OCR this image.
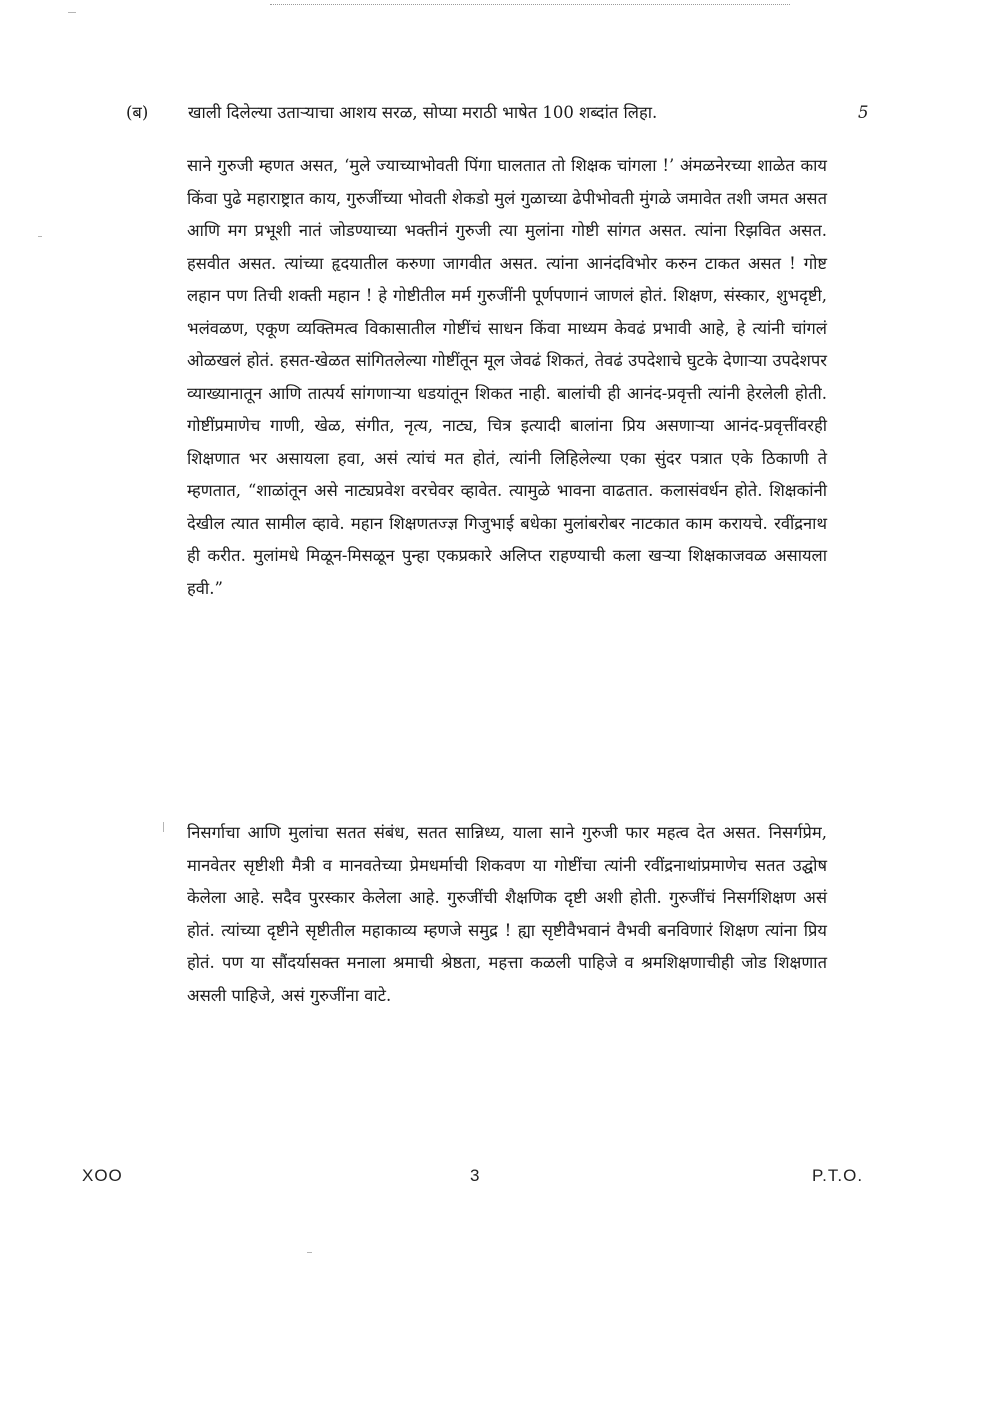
(ब) खाली दिलेल्या उताऱ्याचा आशय सरळ, सोप्या मराठी भाषेत 100 शब्दांत लिहा.	5

साने गुरुजी म्हणत असत, ‘मुले ज्याच्याभोवती पिंगा घालतात तो शिक्षक चांगला !’ अंमळनेरच्या शाळेत काय किंवा पुढे महाराष्ट्रात काय, गुरुजींच्या भोवती शेकडो मुलं गुळाच्या ढेपीभोवती मुंगळे जमावेत तशी जमत असत आणि मग प्रभूशी नातं जोडण्याच्या भक्तीनं गुरुजी त्या मुलांना गोष्टी सांगत असत. त्यांना रिझवित असत. हसवीत असत. त्यांच्या हृदयातील करुणा जागवीत असत. त्यांना आनंदविभोर करुन टाकत असत ! गोष्ट लहान पण तिची शक्ती महान ! हे गोष्टीतील मर्म गुरुजींनी पूर्णपणानं जाणलं होतं. शिक्षण, संस्कार, शुभदृष्टी, भलंवळण, एकूण व्यक्तिमत्व विकासातील गोष्टींचं साधन किंवा माध्यम केवढं प्रभावी आहे, हे त्यांनी चांगलं ओळखलं होतं. हसत-खेळत सांगितलेल्या गोष्टींतून मूल जेवढं शिकतं, तेवढं उपदेशाचे घुटके देणाऱ्या उपदेशपर व्याख्यानातून आणि तात्पर्य सांगणाऱ्या धडयांतून शिकत नाही. बालांची ही आनंद-प्रवृत्ती त्यांनी हेरलेली होती. गोष्टींप्रमाणेच गाणी, खेळ, संगीत, नृत्य, नाट्य, चित्र इत्यादी बालांना प्रिय असणाऱ्या आनंद-प्रवृत्तींवरही शिक्षणात भर असायला हवा, असं त्यांचं मत होतं, त्यांनी लिहिलेल्या एका सुंदर पत्रात एके ठिकाणी ते म्हणतात, “शाळांतून असे नाट्यप्रवेश वरचेवर व्हावेत. त्यामुळे भावना वाढतात. कलासंवर्धन होते. शिक्षकांनी देखील त्यात सामील व्हावे. महान शिक्षणतज्ज्ञ गिजुभाई बधेका मुलांबरोबर नाटकात काम करायचे. रवींद्रनाथ ही करीत. मुलांमधे मिळून-मिसळून पुन्हा एकप्रकारे अलिप्त राहण्याची कला खऱ्या शिक्षकाजवळ असायला हवी.”

निसर्गाचा आणि मुलांचा सतत संबंध, सतत सान्निध्य, याला साने गुरुजी फार महत्व देत असत. निसर्गप्रेम, मानवेतर सृष्टीशी मैत्री व मानवतेच्या प्रेमधर्माची शिकवण या गोष्टींचा त्यांनी रवींद्रनाथांप्रमाणेच सतत उद्घोष केलेला आहे. सदैव पुरस्कार केलेला आहे. गुरुजींची शैक्षणिक दृष्टी अशी होती. गुरुजींचं निसर्गशिक्षण असं होतं. त्यांच्या दृष्टीने सृष्टीतील महाकाव्य म्हणजे समुद्र ! ह्या सृष्टीवैभवानं वैभवी बनविणारं शिक्षण त्यांना प्रिय होतं. पण या सौंदर्यासक्त मनाला श्रमाची श्रेष्ठता, महत्ता कळली पाहिजे व श्रमशिक्षणाचीही जोड शिक्षणात असली पाहिजे, असं गुरुजींना वाटे.

XOO	3	P.T.O.
